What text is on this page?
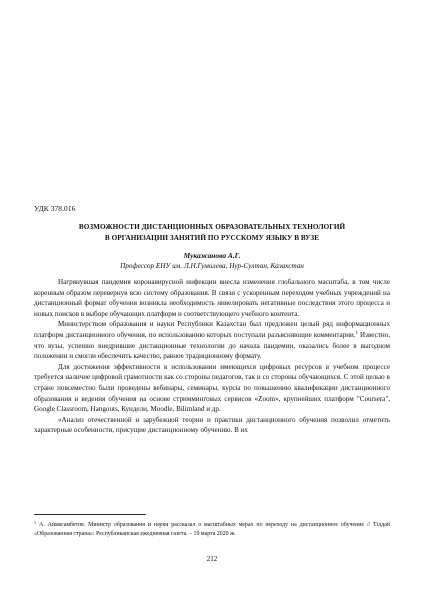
УДК 378.016
ВОЗМОЖНОСТИ ДИСТАНЦИОННЫХ ОБРАЗОВАТЕЛЬНЫХ ТЕХНОЛОГИЙ
В ОРГАНИЗАЦИИ ЗАНЯТИЙ ПО РУССКОМУ ЯЗЫКУ В ВУЗЕ
Мукажанова А.Г.
Профессор ЕНУ им. Л.Н.Гумилева, Нур-Султан, Казахстан

Нагрянувшая пандемия коронавирусной инфекции внесла изменения глобального масштаба, в том числе коренным образом перевернув всю систему образования. В связи с ускоренным переходом учебных учреждений на дистанционный формат обучения возникла необходимость нивелировать негативные последствия этого процесса и новых поисков в выборе обучающих платформ и соответствующего учебного контента.

Министерством образования и науки Республики Казахстан был предложен целый ряд информационных платформ дистанционного обучения, по использованию которых поступали разъясняющие комментарии.$^1$ Известно, что вузы, успешно внедрившие дистанционные технологии до начала пандемии, оказались более в выгодном положении и смогли обеспечить качество, равное традиционному формату.

Для достижения эффективности в использовании имеющихся цифровых ресурсов в учебном процессе требуется наличие цифровой грамотности как со стороны педагогов, так и со стороны обучающихся. С этой целью в стране повсеместно были проведены вебинары, семинары, курсы по повышению квалификации дистанционного образования и ведения обучения на основе стримминговых сервисов «Zoom», крупнейших платформ "Coursera", Google Classroom, Hangouts, Кундели, Moodle, Bilimland и др.

«Анализ отечественной и зарубежной теории и практики дистанционного обучения позволил отметить характерные особенности, присущие дистанционному обучению. В их

$^1$ А. Аймагамбетов. Министр образования и науки рассказал о масштабных мерах по переходу на дистанционное обучение // Тілдай «Образованная страна»: Республиканская ежедневная газета. – 19 марта 2020 ж.
212
